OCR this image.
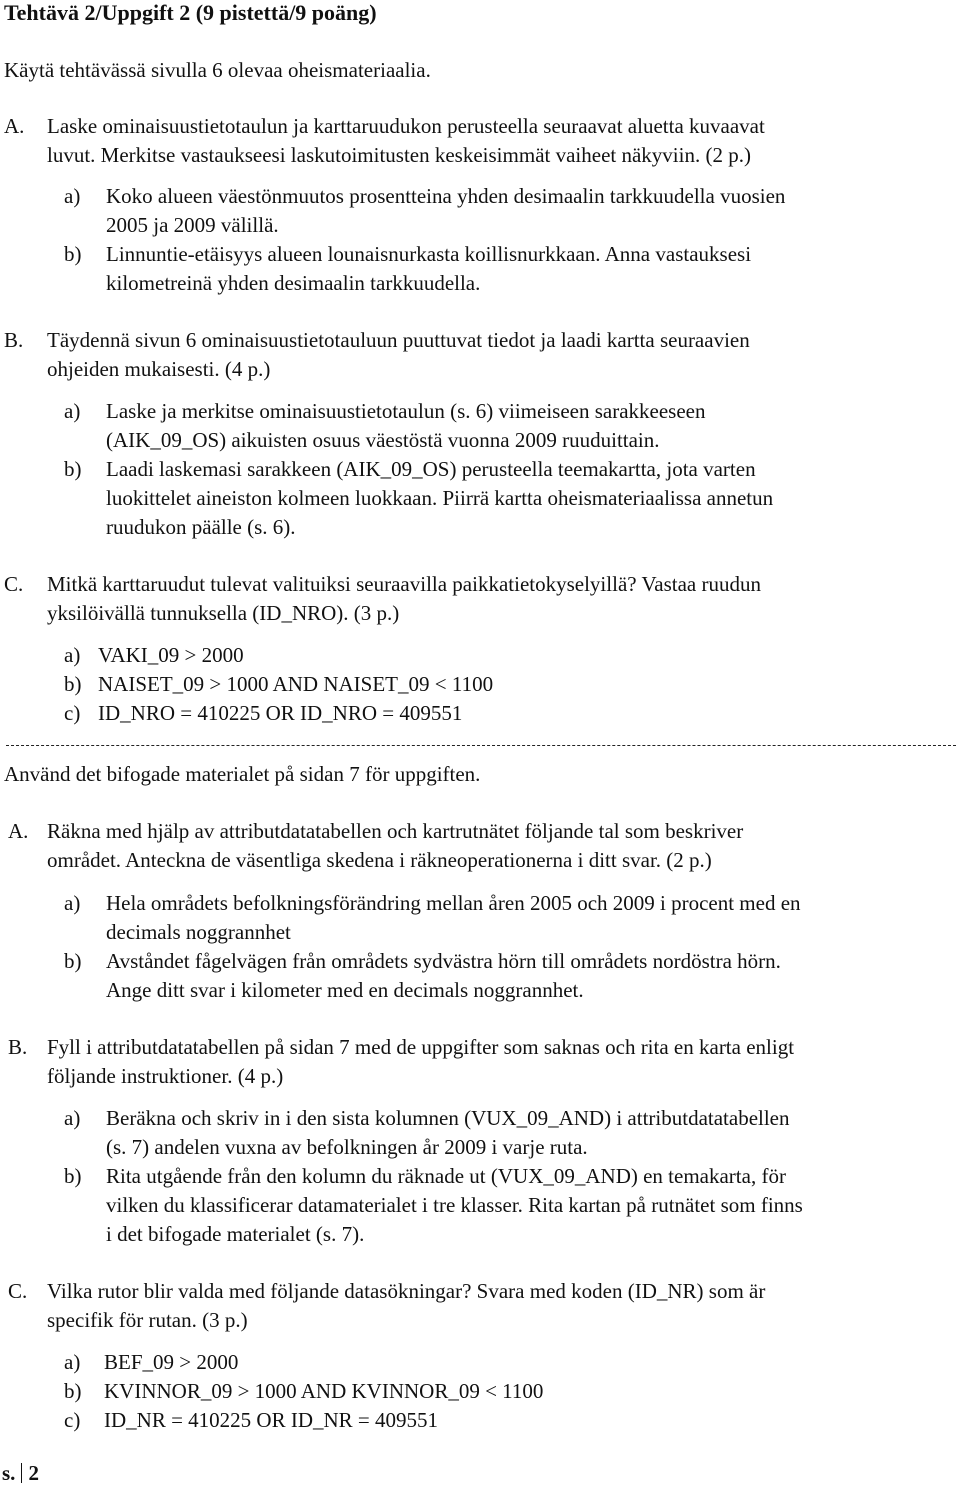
Tehtävä 2/Uppgift 2 (9 pistettä/9 poäng)
Käytä tehtävässä sivulla 6 olevaa oheismateriaalia.
A. Laske ominaisuustietotaulun ja karttaruudukon perusteella seuraavat aluetta kuvaavat
luvut. Merkitse vastaukseesi laskutoimitusten keskeisimmät vaiheet näkyviin. (2 p.)
a) Koko alueen väestönmuutos prosentteina yhden desimaalin tarkkuudella vuosien
2005 ja 2009 välillä.
b) Linnuntie-etäisyys alueen lounaisnurkasta koillisnurkkaan. Anna vastauksesi
kilometreinä yhden desimaalin tarkkuudella.
B. Täydennä sivun 6 ominaisuustietotauluun puuttuvat tiedot ja laadi kartta seuraavien
ohjeiden mukaisesti. (4 p.)
a) Laske ja merkitse ominaisuustietotaulun (s. 6) viimeiseen sarakkeeseen
(AIK_09_OS) aikuisten osuus väestöstä vuonna 2009 ruuduittain.
b) Laadi laskemasi sarakkeen (AIK_09_OS) perusteella teemakartta, jota varten
luokittelet aineiston kolmeen luokkaan. Piirrä kartta oheismateriaalissa annetun
ruudukon päälle (s. 6).
C. Mitkä karttaruudut tulevat valituiksi seuraavilla paikkatietokyselyillä? Vastaa ruudun
yksilöivällä tunnuksella (ID_NRO). (3 p.)
a) VAKI_09 > 2000
b) NAISET_09 > 1000 AND NAISET_09 < 1100
c) ID_NRO = 410225 OR ID_NRO = 409551
Använd det bifogade materialet på sidan 7 för uppgiften.
A. Räkna med hjälp av attributdatatabellen och kartrutnätet följande tal som beskriver
området. Anteckna de väsentliga skedena i räkneoperationerna i ditt svar. (2 p.)
a) Hela områdets befolkningsförändring mellan åren 2005 och 2009 i procent med en
decimals noggrannhet
b) Avståndet fågelvägen från områdets sydvästra hörn till områdets nordöstra hörn.
Ange ditt svar i kilometer med en decimals noggrannhet.
B. Fyll i attributdatatabellen på sidan 7 med de uppgifter som saknas och rita en karta enligt
följande instruktioner. (4 p.)
a) Beräkna och skriv in i den sista kolumnen (VUX_09_AND) i attributdatatabellen
(s. 7) andelen vuxna av befolkningen år 2009 i varje ruta.
b) Rita utgående från den kolumn du räknade ut (VUX_09_AND) en temakarta, för
vilken du klassificerar datamaterialet i tre klasser. Rita kartan på rutnätet som finns
i det bifogade materialet (s. 7).
C. Vilka rutor blir valda med följande datasökningar? Svara med koden (ID_NR) som är
specifik för rutan. (3 p.)
a) BEF_09 > 2000
b) KVINNOR_09 > 1000 AND KVINNOR_09 < 1100
c) ID_NR = 410225 OR ID_NR = 409551
s. 2
